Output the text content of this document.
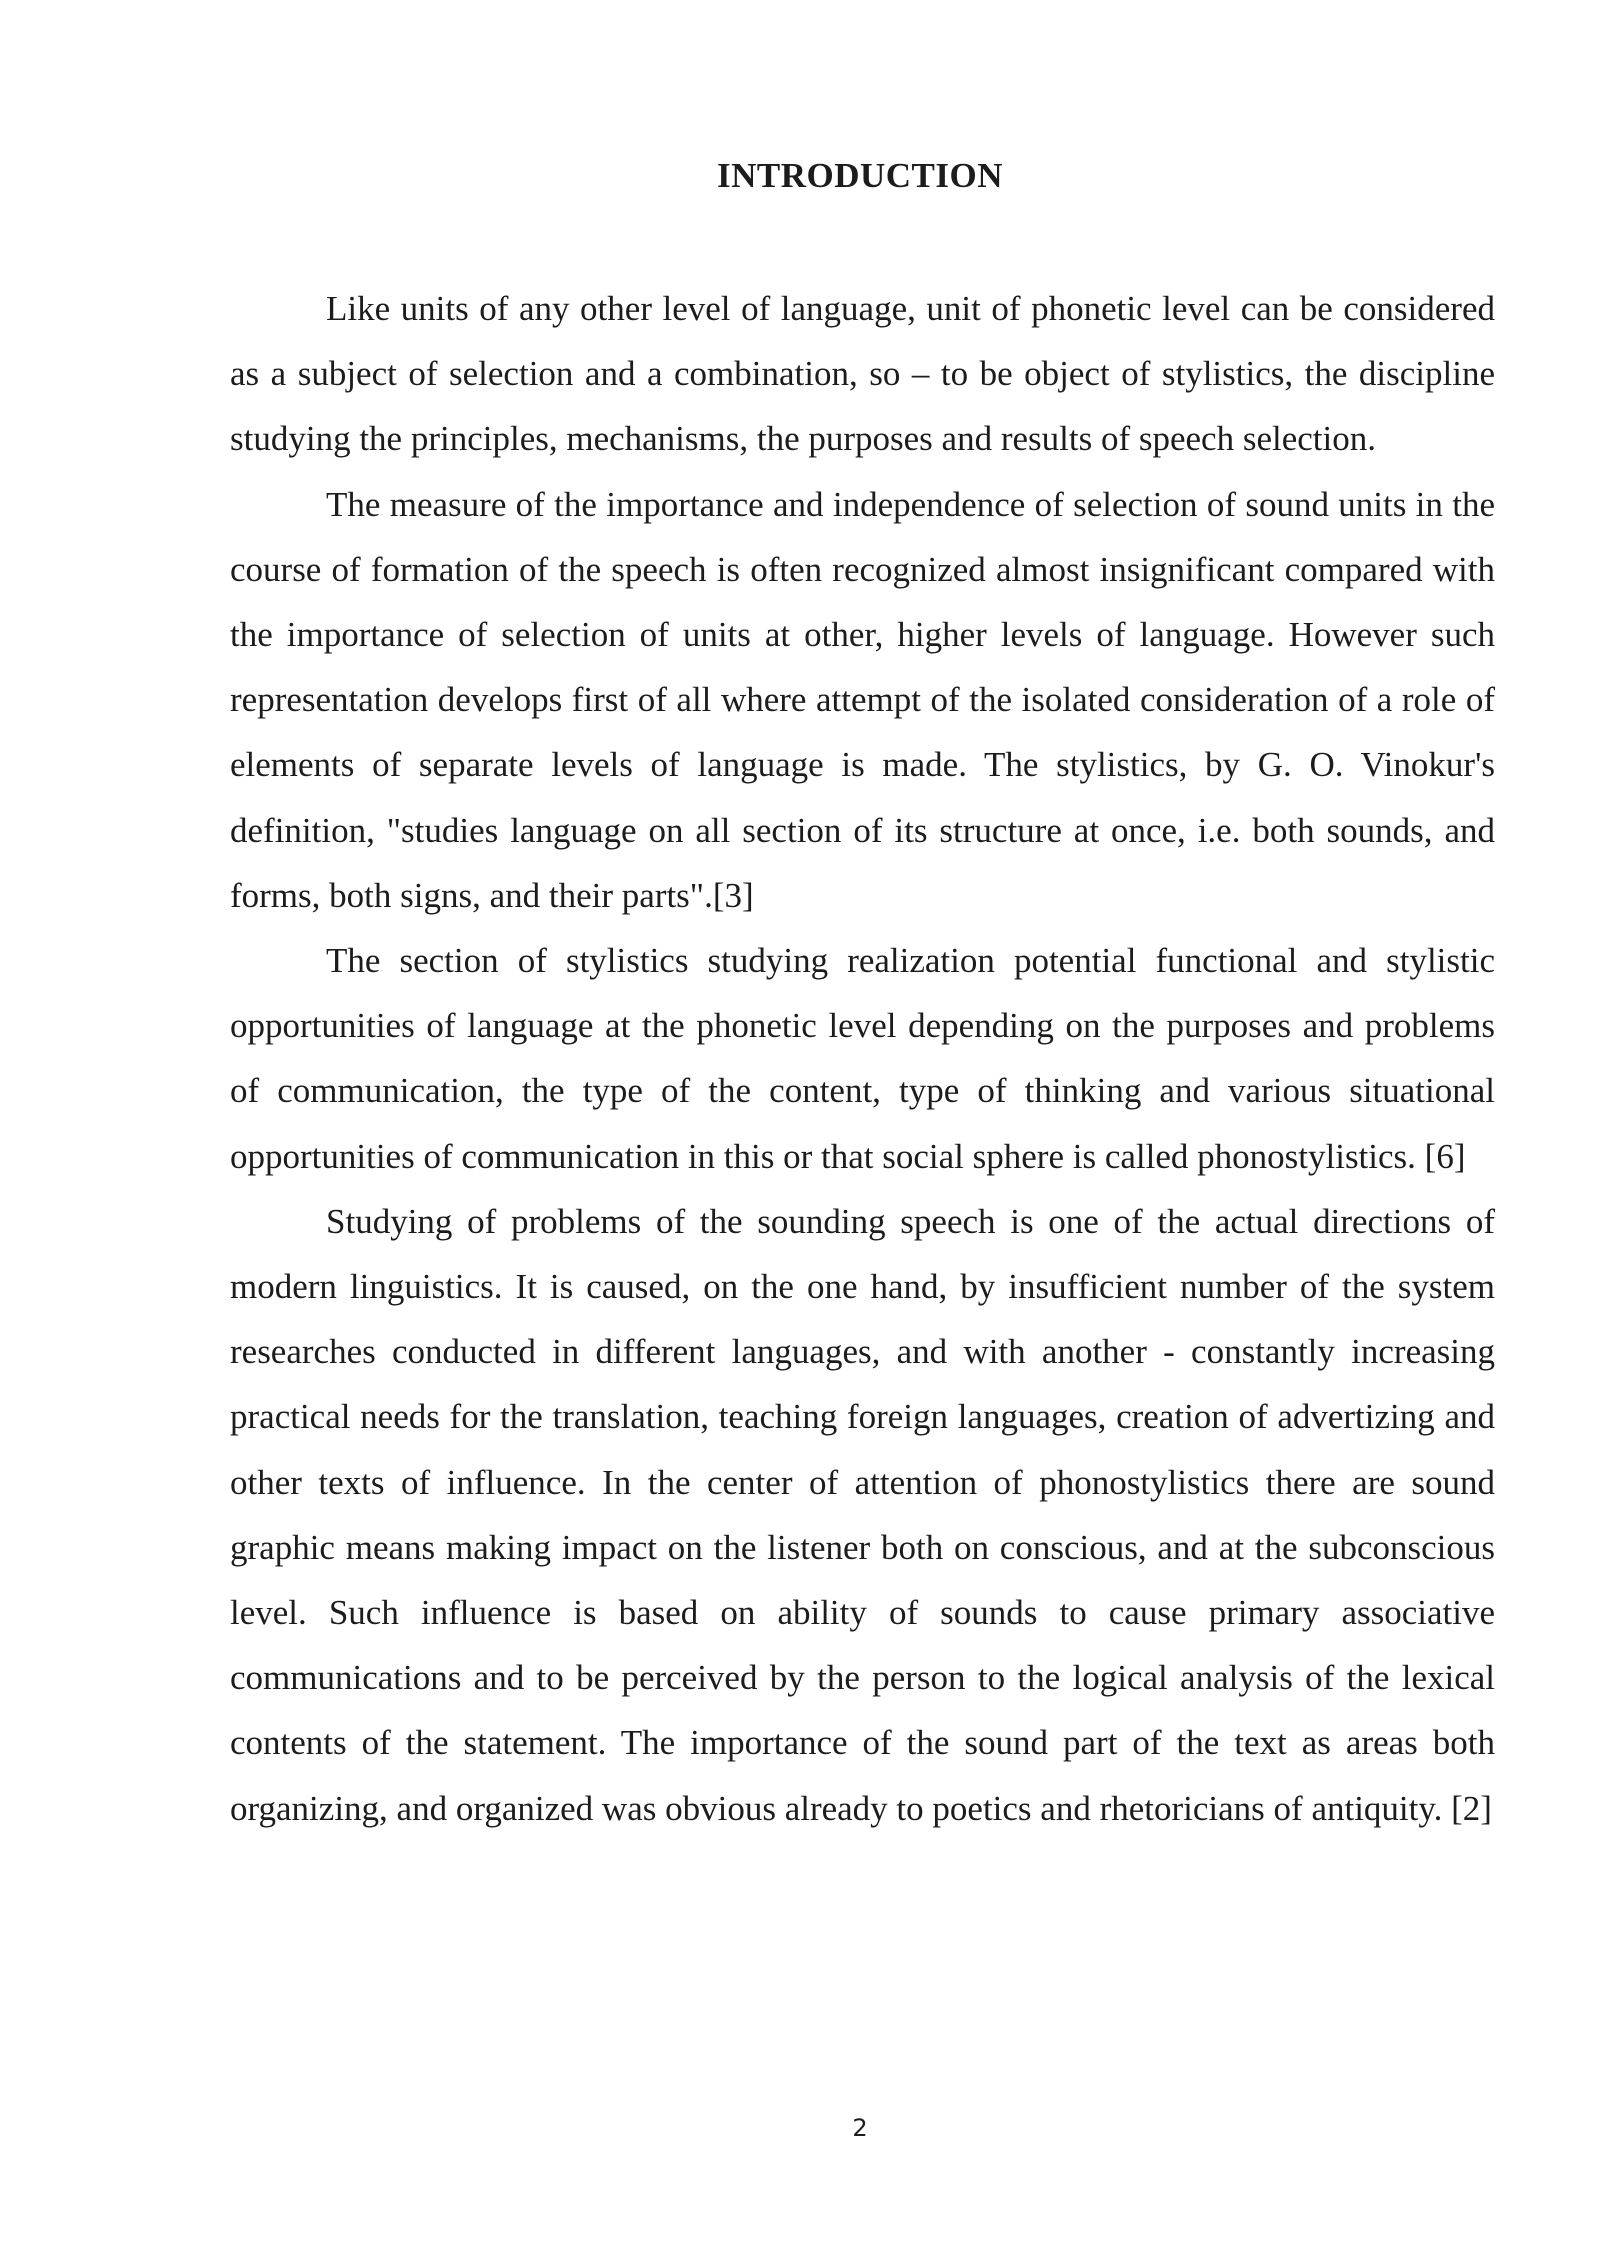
INTRODUCTION

Like units of any other level of language, unit of phonetic level can be considered as a subject of selection and a combination, so – to be object of stylistics, the discipline studying the principles, mechanisms, the purposes and results of speech selection.

The measure of the importance and independence of selection of sound units in the course of formation of the speech is often recognized almost insignificant compared with the importance of selection of units at other, higher levels of language. However such representation develops first of all where attempt of the isolated consideration of a role of elements of separate levels of language is made. The stylistics, by G. O. Vinokur's definition, "studies language on all section of its structure at once, i.e. both sounds, and forms, both signs, and their parts".[3]

The section of stylistics studying realization potential functional and stylistic opportunities of language at the phonetic level depending on the purposes and problems of communication, the type of the content, type of thinking and various situational opportunities of communication in this or that social sphere is called phonostylistics. [6]

Studying of problems of the sounding speech is one of the actual directions of modern linguistics. It is caused, on the one hand, by insufficient number of the system researches conducted in different languages, and with another - constantly increasing practical needs for the translation, teaching foreign languages, creation of advertizing and other texts of influence. In the center of attention of phonostylistics there are sound graphic means making impact on the listener both on conscious, and at the subconscious level. Such influence is based on ability of sounds to cause primary associative communications and to be perceived by the person to the logical analysis of the lexical contents of the statement. The importance of the sound part of the text as areas both organizing, and organized was obvious already to poetics and rhetoricians of antiquity. [2]

2
